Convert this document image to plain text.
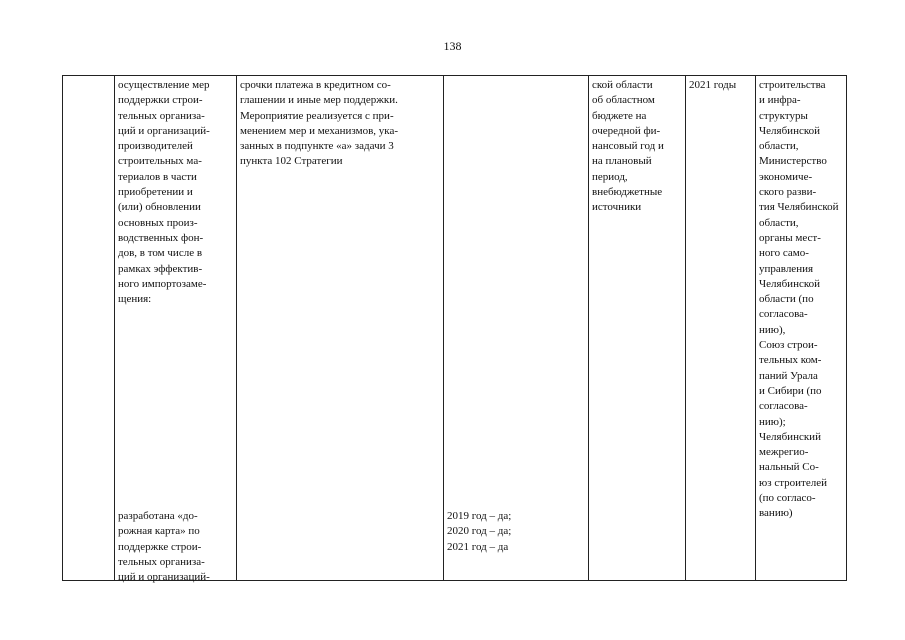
138
осуществление мер
поддержки строи-
тельных организа-
ций и организаций-
производителей
строительных ма-
териалов в части
приобретении и
(или) обновлении
основных произ-
водственных фон-
дов, в том числе в
рамках эффектив-
ного импортозаме-
щения:
разработана «до-
рожная карта» по
поддержке строи-
тельных организа-
ций и организаций-
срочки платежа в кредитном со-
глашении и иные мер поддержки.
Мероприятие реализуется с при-
менением мер и механизмов, ука-
занных в подпункте «а» задачи 3
пункта 102 Стратегии
2019 год – да;
2020 год – да;
2021 год – да
ской области
об областном
бюджете на
очередной фи-
нансовый год и
на плановый
период,
внебюджетные
источники
2021 годы	строительства
и инфра-
структуры
Челябинской
области,
Министерство
экономиче-
ского разви-
тия Челябинской
области,
органы мест-
ного само-
управления
Челябинской
области (по
согласова-
нию),
Союз строи-
тельных ком-
паний Урала
и Сибири (по
согласова-
нию);
Челябинский
межрегио-
нальный Со-
юз строителей
(по согласо-
ванию)
